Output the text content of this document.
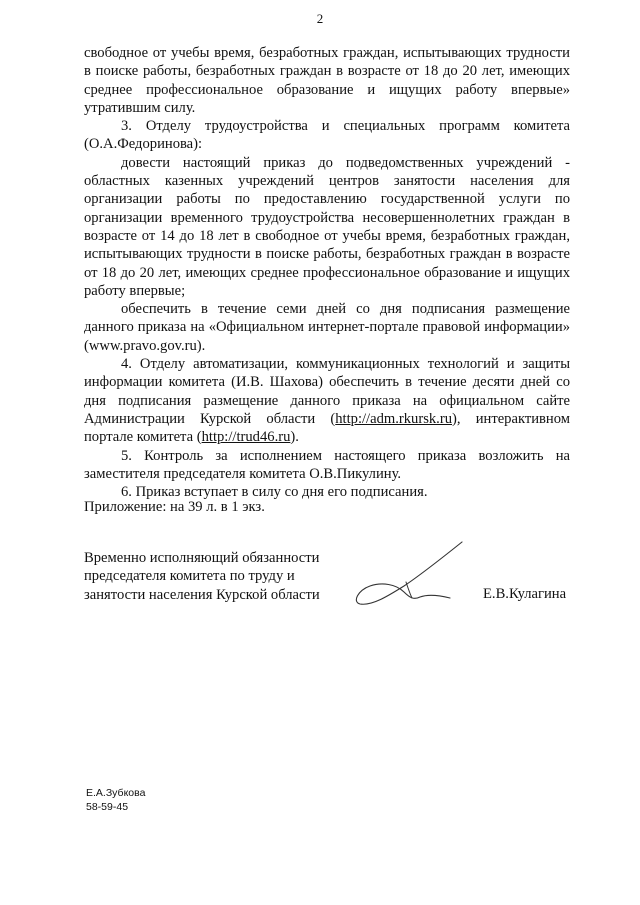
2

свободное от учебы время, безработных граждан, испытывающих трудности в поиске работы, безработных граждан в возрасте от 18 до 20 лет, имеющих среднее профессиональное образование и ищущих работу впервые» утратившим силу.

3. Отделу трудоустройства и специальных программ комитета (О.А.Федоринова):

довести настоящий приказ до подведомственных учреждений - областных казенных учреждений центров занятости населения для организации работы по предоставлению государственной услуги по организации временного трудоустройства несовершеннолетних граждан в возрасте от 14 до 18 лет в свободное от учебы время, безработных граждан, испытывающих трудности в поиске работы, безработных граждан в возрасте от 18 до 20 лет, имеющих среднее профессиональное образование и ищущих работу впервые;

обеспечить в течение семи дней со дня подписания размещение данного приказа на «Официальном интернет-портале правовой информации» (www.pravo.gov.ru).

4. Отделу автоматизации, коммуникационных технологий и защиты информации комитета (И.В. Шахова) обеспечить в течение десяти дней со дня подписания размещение данного приказа на официальном сайте Администрации Курской области (http://adm.rkursk.ru), интерактивном портале комитета (http://trud46.ru).

5. Контроль за исполнением настоящего приказа возложить на заместителя председателя комитета О.В.Пикулину.

6. Приказ вступает в силу со дня его подписания.

Приложение: на 39 л. в 1 экз.
Временно исполняющий обязанности
председателя комитета по труду и
занятости населения Курской области	Е.В.Кулагина
Е.А.Зубкова
58-59-45
